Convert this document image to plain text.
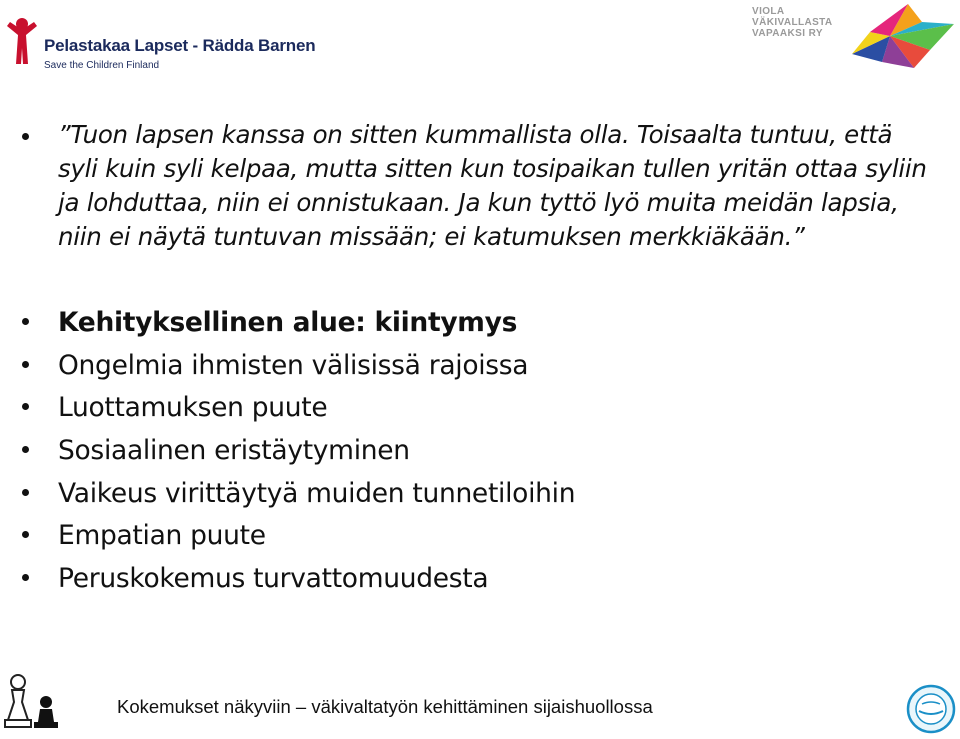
Pelastakaa Lapset - Rädda Barnen
Save the Children Finland
VIOLA
VÄKIVALLASTA
VAPAAKSI RY
”Tuon lapsen kanssa on sitten kummallista olla. Toisaalta tuntuu, että syli kuin syli kelpaa, mutta sitten kun tosipaikan tullen yritän ottaa syliin ja lohduttaa, niin ei onnistukaan. Ja kun tyttö lyö muita meidän lapsia, niin ei näytä tuntuvan missään; ei katumuksen merkkiäkään.”
Kehityksellinen alue: kiintymys
Ongelmia ihmisten välisissä rajoissa
Luottamuksen puute
Sosiaalinen eristäytyminen
Vaikeus virittäytyä muiden tunnetiloihin
Empatian puute
Peruskokemus turvattomuudesta
Kokemukset näkyviin – väkivaltatyön kehittäminen sijaishuollossa
